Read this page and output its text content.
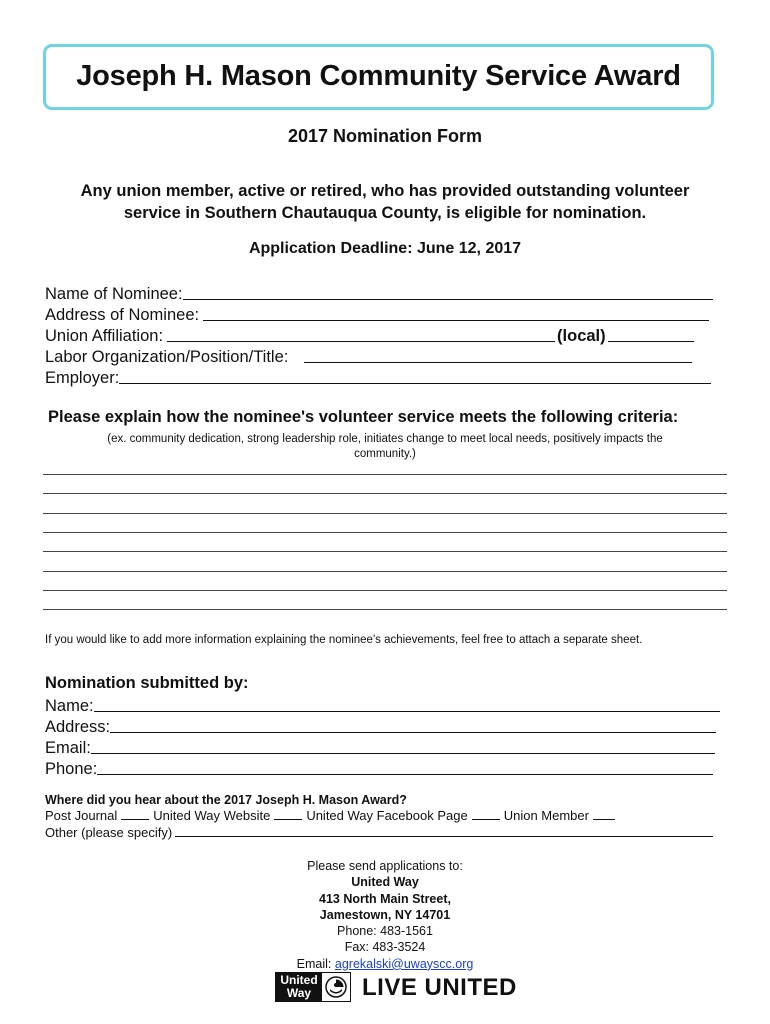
Joseph H. Mason Community Service Award
2017 Nomination Form
Any union member, active or retired, who has provided outstanding volunteer
service in Southern Chautauqua County, is eligible for nomination.
Application Deadline: June 12, 2017
Name of Nominee:
Address of Nominee:
Union Affiliation:	(local)
Labor Organization/Position/Title:
Employer:
Please explain how the nominee's volunteer service meets the following criteria:
(ex. community dedication, strong leadership role, initiates change to meet local needs, positively impacts the
community.)
If you would like to add more information explaining the nominee's achievements, feel free to attach a separate sheet.
Nomination submitted by:
Name:
Address:
Email:
Phone:
Where did you hear about the 2017 Joseph H. Mason Award?
Post Journal	United Way Website	United Way Facebook Page	Union Member
Other (please specify)
Please send applications to:
United Way
413 North Main Street,
Jamestown, NY 14701
Phone: 483-1561
Fax: 483-3524
Email: agrekalski@uwayscc.org
United
Way	LIVE UNITED
